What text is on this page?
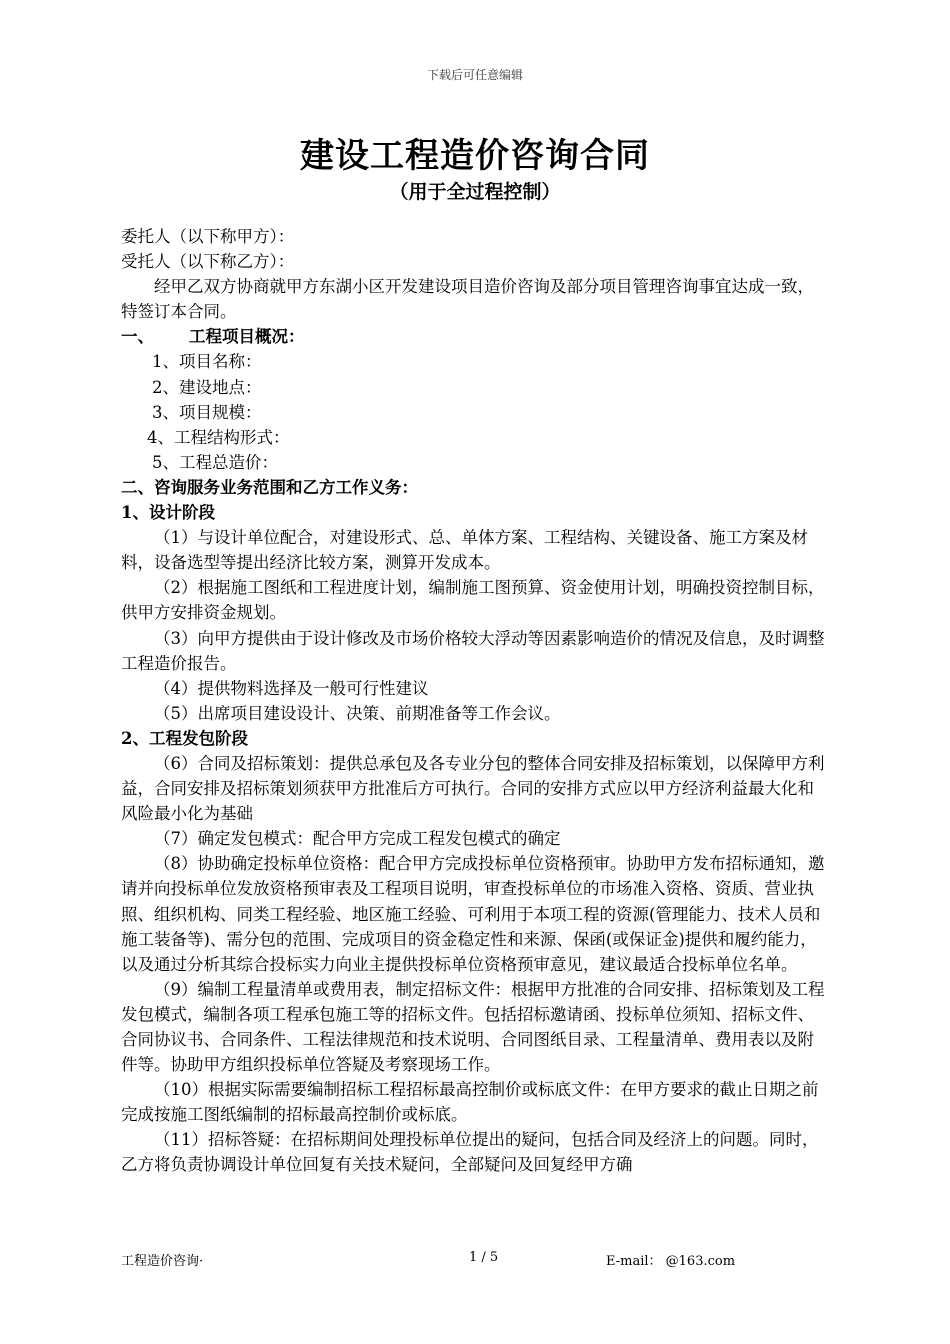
下载后可任意编辑
建设工程造价咨询合同
（用于全过程控制）

委托人（以下称甲方）：

受托人（以下称乙方）：

经甲乙双方协商就甲方东湖小区开发建设项目造价咨询及部分项目管理咨询事宜达成一致，特签订本合同。

一、 工程项目概况：

1、项目名称：

2、建设地点：

3、项目规模：

4、工程结构形式：

5、工程总造价：

二、咨询服务业务范围和乙方工作义务：

1、设计阶段

（1）与设计单位配合，对建设形式、总、单体方案、工程结构、关键设备、施工方案及材料，设备选型等提出经济比较方案，测算开发成本。

（2）根据施工图纸和工程进度计划，编制施工图预算、资金使用计划，明确投资控制目标，供甲方安排资金规划。

（3）向甲方提供由于设计修改及市场价格较大浮动等因素影响造价的情况及信息，及时调整工程造价报告。

（4）提供物料选择及一般可行性建议

（5）出席项目建设设计、决策、前期准备等工作会议。

2、工程发包阶段

（6）合同及招标策划：提供总承包及各专业分包的整体合同安排及招标策划，以保障甲方利益，合同安排及招标策划须获甲方批准后方可执行。合同的安排方式应以甲方经济利益最大化和风险最小化为基础

（7）确定发包模式：配合甲方完成工程发包模式的确定

（8）协助确定投标单位资格：配合甲方完成投标单位资格预审。协助甲方发布招标通知，邀请并向投标单位发放资格预审表及工程项目说明，审查投标单位的市场准入资格、资质、营业执照、组织机构、同类工程经验、地区施工经验、可利用于本项工程的资源(管理能力、技术人员和施工装备等)、需分包的范围、完成项目的资金稳定性和来源、保函(或保证金)提供和履约能力，以及通过分析其综合投标实力向业主提供投标单位资格预审意见，建议最适合投标单位名单。

（9）编制工程量清单或费用表，制定招标文件：根据甲方批准的合同安排、招标策划及工程发包模式，编制各项工程承包施工等的招标文件。包括招标邀请函、投标单位须知、招标文件、合同协议书、合同条件、工程法律规范和技术说明、合同图纸目录、工程量清单、费用表以及附件等。协助甲方组织投标单位答疑及考察现场工作。

（10）根据实际需要编制招标工程招标最高控制价或标底文件：在甲方要求的截止日期之前完成按施工图纸编制的招标最高控制价或标底。

（11）招标答疑：在招标期间处理投标单位提出的疑问，包括合同及经济上的问题。同时，乙方将负责协调设计单位回复有关技术疑问，全部疑问及回复经甲方确

工程造价咨询·	1 / 5	E-mail： @163.com
